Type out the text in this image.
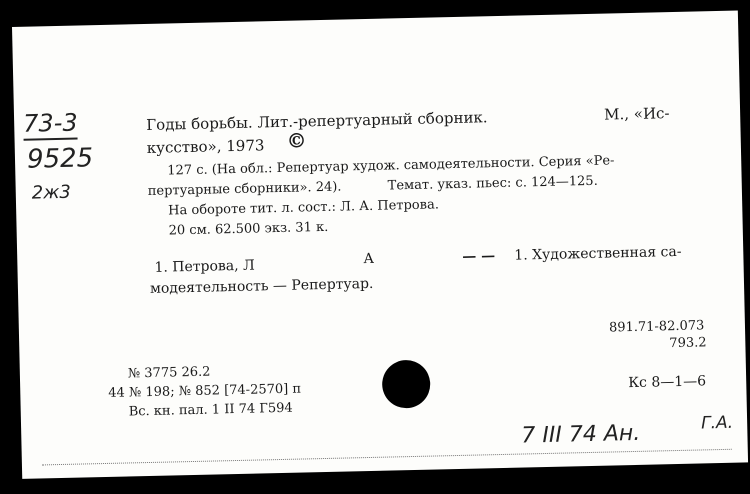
73-3
9525
2ж3
Годы борьбы. Лит.-репертуарный сборник.	М., «Ис-
кусство», 1973 ©
127 с. (На обл.: Репертуар худож. самодеятельности. Серия «Ре-
пертуарные сборники». 24).	Темат. указ. пьес: с. 124—125.
На обороте тит. л. сост.: Л. А. Петрова.
20 см. 62.500 экз. 31 к.
1. Петрова, Л	А	— — 1. Художественная са-
модеятельность — Репертуар.
891.71-82.073
793.2
№ 3775 26.2
44 № 198; № 852 [74-2570] п
Вс. кн. пал. 1 II 74 Г594
Кс 8—1—6
7 III 74 Ан.	Г.А.
